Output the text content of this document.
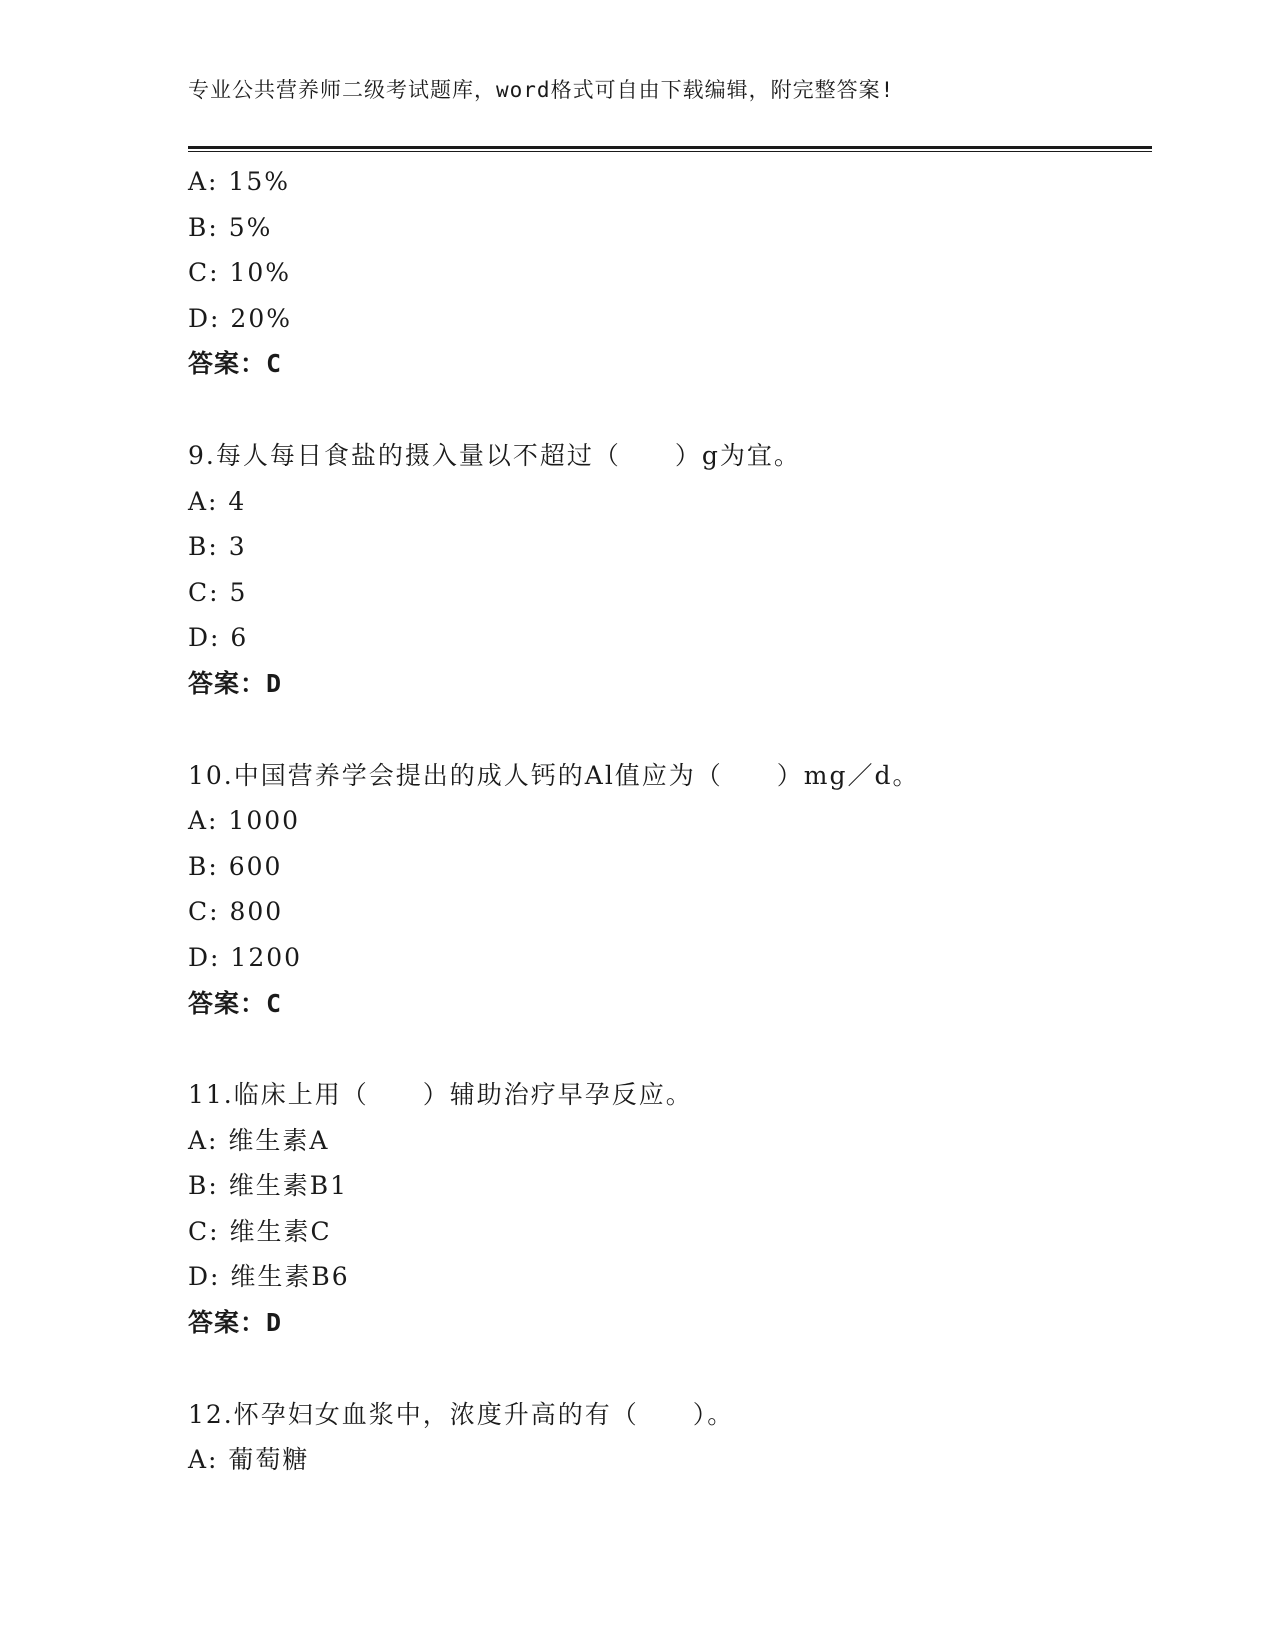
专业公共营养师二级考试题库，word格式可自由下载编辑，附完整答案!
A: 15%
B: 5%
C: 10%
D: 20%
答案：C
9.每人每日食盐的摄入量以不超过（　　）g为宜。
A: 4
B: 3
C: 5
D: 6
答案：D
10.中国营养学会提出的成人钙的Al值应为（　　）mg／d。
A: 1000
B: 600
C: 800
D: 1200
答案：C
11.临床上用（　　）辅助治疗早孕反应。
A: 维生素A
B: 维生素B1
C: 维生素C
D: 维生素B6
答案：D
12.怀孕妇女血浆中，浓度升高的有（　　）。
A: 葡萄糖
